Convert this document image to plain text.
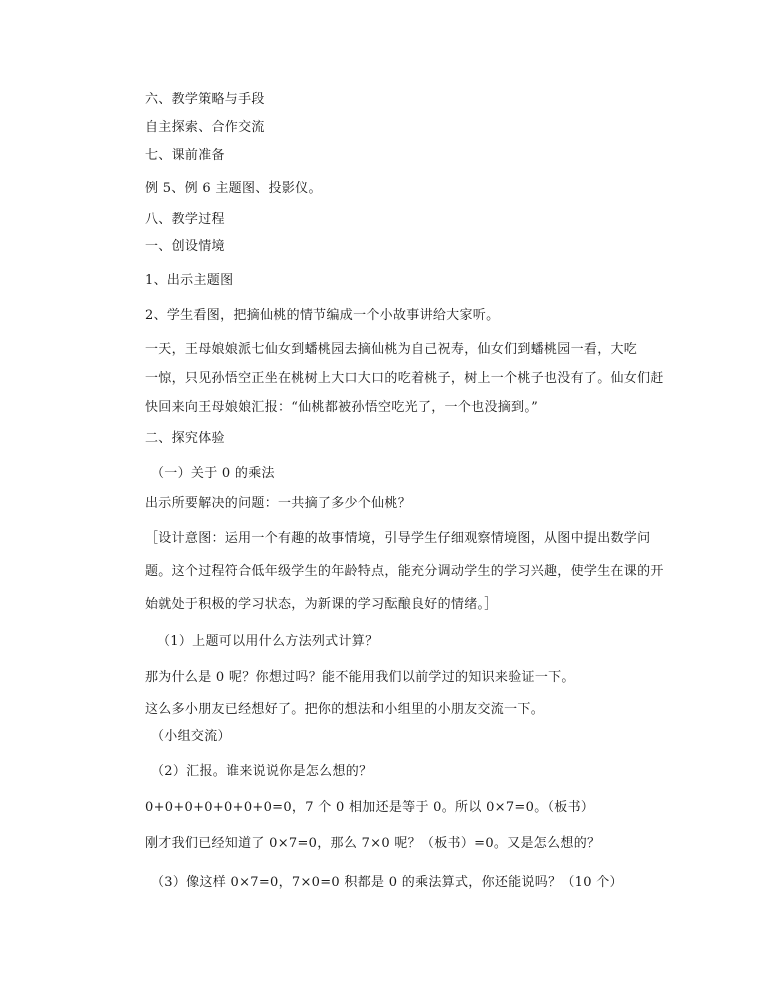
六、教学策略与手段
自主探索、合作交流
七、课前准备
例 5、例 6 主题图、投影仪。
八、教学过程
一、创设情境
1、出示主题图
2、学生看图，把摘仙桃的情节编成一个小故事讲给大家听。
一天，王母娘娘派七仙女到蟠桃园去摘仙桃为自己祝寿，仙女们到蟠桃园一看，大吃
一惊，只见孙悟空正坐在桃树上大口大口的吃着桃子，树上一个桃子也没有了。仙女们赶
快回来向王母娘娘汇报：“仙桃都被孙悟空吃光了，一个也没摘到。”
二、探究体验
（一）关于 0 的乘法
出示所要解决的问题：一共摘了多少个仙桃？
［设计意图：运用一个有趣的故事情境，引导学生仔细观察情境图，从图中提出数学问
题。这个过程符合低年级学生的年龄特点，能充分调动学生的学习兴趣，使学生在课的开
始就处于积极的学习状态，为新课的学习酝酿良好的情绪。］
（1）上题可以用什么方法列式计算？
那为什么是 0 呢？你想过吗？能不能用我们以前学过的知识来验证一下。
这么多小朋友已经想好了。把你的想法和小组里的小朋友交流一下。
（小组交流）
（2）汇报。谁来说说你是怎么想的？
0+0+0+0+0+0+0=0，7 个 0 相加还是等于 0。所以 0×7=0。（板书）
刚才我们已经知道了 0×7=0，那么 7×0 呢？（板书）=0。又是怎么想的？
（3）像这样 0×7=0，7×0=0 积都是 0 的乘法算式，你还能说吗？（10 个）
